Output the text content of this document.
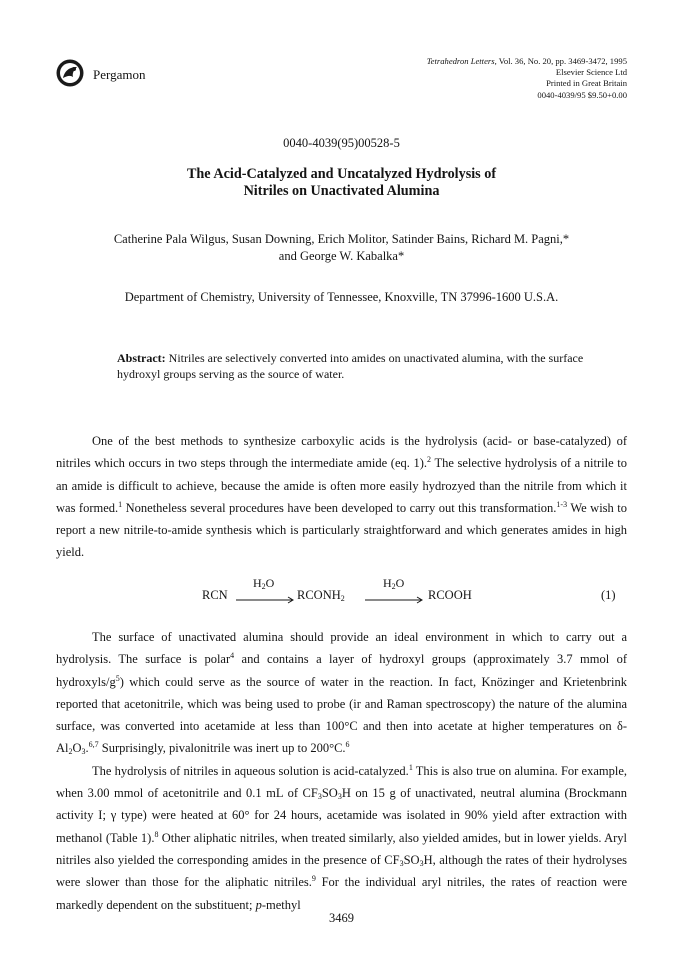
Pergamon
Tetrahedron Letters, Vol. 36, No. 20, pp. 3469-3472, 1995
Elsevier Science Ltd
Printed in Great Britain
0040-4039/95 $9.50+0.00
0040-4039(95)00528-5
The Acid-Catalyzed and Uncatalyzed Hydrolysis of
Nitriles on Unactivated Alumina
Catherine Pala Wilgus, Susan Downing, Erich Molitor, Satinder Bains, Richard M. Pagni,*
and George W. Kabalka*
Department of Chemistry, University of Tennessee, Knoxville, TN 37996-1600 U.S.A.
Abstract: Nitriles are selectively converted into amides on unactivated alumina, with the surface hydroxyl groups serving as the source of water.

One of the best methods to synthesize carboxylic acids is the hydrolysis (acid- or base-catalyzed) of nitriles which occurs in two steps through the intermediate amide (eq. 1).$^2$ The selective hydrolysis of a nitrile to an amide is difficult to achieve, because the amide is often more easily hydrozyed than the nitrile from which it was formed.$^1$ Nonetheless several procedures have been developed to carry out this transformation.$^{1-3}$ We wish to report a new nitrile-to-amide synthesis which is particularly straightforward and which generates amides in high yield.

RCN
$H_2O$
$RCONH_2$
$H_2O$
RCOOH	(1)

The surface of unactivated alumina should provide an ideal environment in which to carry out a hydrolysis. The surface is polar$^4$ and contains a layer of hydroxyl groups (approximately 3.7 mmol of hydroxyls/$g^5$) which could serve as the source of water in the reaction. In fact, Knözinger and Krietenbrink reported that acetonitrile, which was being used to probe (ir and Raman spectroscopy) the nature of the alumina surface, was converted into acetamide at less than 100°C and then into acetate at higher temperatures on $\delta-Al_2O_3.^{6,7}$ Surprisingly, pivalonitrile was inert up to 200°C.$^6$

The hydrolysis of nitriles in aqueous solution is acid-catalyzed.$^1$ This is also true on alumina. For example, when 3.00 mmol of acetonitrile and 0.1 mL of $CF_3SO_3H$ on 15 g of unactivated, neutral alumina (Brockmann activity I; γ type) were heated at 60° for 24 hours, acetamide was isolated in 90% yield after extraction with methanol (Table 1).$^8$ Other aliphatic nitriles, when treated similarly, also yielded amides, but in lower yields. Aryl nitriles also yielded the corresponding amides in the presence of $CF_3SO_3H$, although the rates of their hydrolyses were slower than those for the aliphatic nitriles.$^9$ For the individual aryl nitriles, the rates of reaction were markedly dependent on the substituent; p-methyl

3469
